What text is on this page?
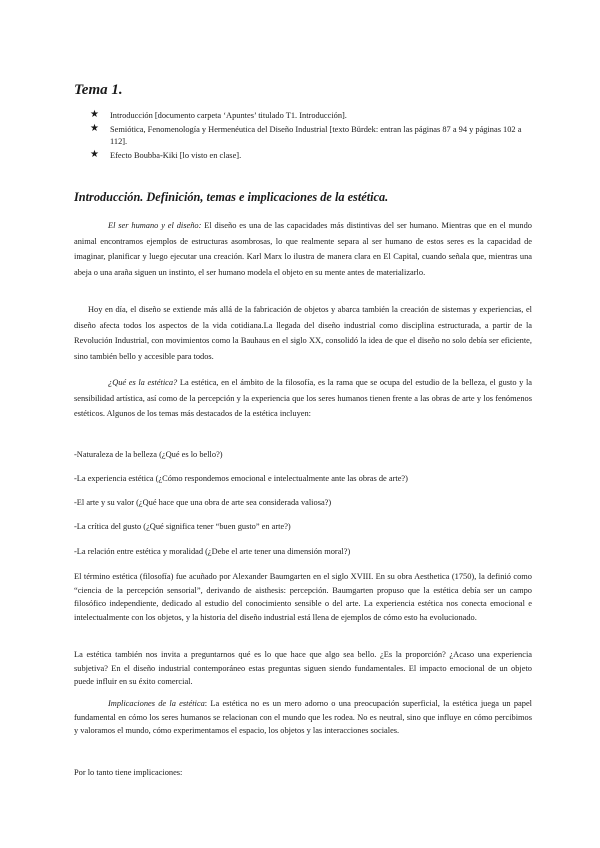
Tema 1.
★ Introducción [documento carpeta ‘Apuntes’ titulado T1. Introducción].
★ Semiótica, Fenomenología y Hermenéutica del Diseño Industrial [texto Bürdek: entran las páginas 87 a 94 y páginas 102 a 112].
★ Efecto Boubba-Kiki [lo visto en clase].
Introducción. Definición, temas e implicaciones de la estética.

El ser humano y el diseño: El diseño es una de las capacidades más distintivas del ser humano. Mientras que en el mundo animal encontramos ejemplos de estructuras asombrosas, lo que realmente separa al ser humano de estos seres es la capacidad de imaginar, planificar y luego ejecutar una creación. Karl Marx lo ilustra de manera clara en El Capital, cuando señala que, mientras una abeja o una araña siguen un instinto, el ser humano modela el objeto en su mente antes de materializarlo.

Hoy en día, el diseño se extiende más allá de la fabricación de objetos y abarca también la creación de sistemas y experiencias, el diseño afecta todos los aspectos de la vida cotidiana.La llegada del diseño industrial como disciplina estructurada, a partir de la Revolución Industrial, con movimientos como la Bauhaus en el siglo XX, consolidó la idea de que el diseño no solo debía ser eficiente, sino también bello y accesible para todos.

¿Qué es la estética? La estética, en el ámbito de la filosofía, es la rama que se ocupa del estudio de la belleza, el gusto y la sensibilidad artística, así como de la percepción y la experiencia que los seres humanos tienen frente a las obras de arte y los fenómenos estéticos. Algunos de los temas más destacados de la estética incluyen:

-Naturaleza de la belleza (¿Qué es lo bello?)

-La experiencia estética (¿Cómo respondemos emocional e intelectualmente ante las obras de arte?)

-El arte y su valor (¿Qué hace que una obra de arte sea considerada valiosa?)

-La crítica del gusto (¿Qué significa tener “buen gusto” en arte?)

-La relación entre estética y moralidad (¿Debe el arte tener una dimensión moral?)

El término estética (filosofía) fue acuñado por Alexander Baumgarten en el siglo XVIII. En su obra Aesthetica (1750), la definió como “ciencia de la percepción sensorial”, derivando de aisthesis: percepción. Baumgarten propuso que la estética debía ser un campo filosófico independiente, dedicado al estudio del conocimiento sensible o del arte. La experiencia estética nos conecta emocional e intelectualmente con los objetos, y la historia del diseño industrial está llena de ejemplos de cómo esto ha evolucionado.

La estética también nos invita a preguntarnos qué es lo que hace que algo sea bello. ¿Es la proporción? ¿Acaso una experiencia subjetiva? En el diseño industrial contemporáneo estas preguntas siguen siendo fundamentales. El impacto emocional de un objeto puede influir en su éxito comercial.

Implicaciones de la estética: La estética no es un mero adorno o una preocupación superficial, la estética juega un papel fundamental en cómo los seres humanos se relacionan con el mundo que les rodea. No es neutral, sino que influye en cómo percibimos y valoramos el mundo, cómo experimentamos el espacio, los objetos y las interacciones sociales.

Por lo tanto tiene implicaciones:
